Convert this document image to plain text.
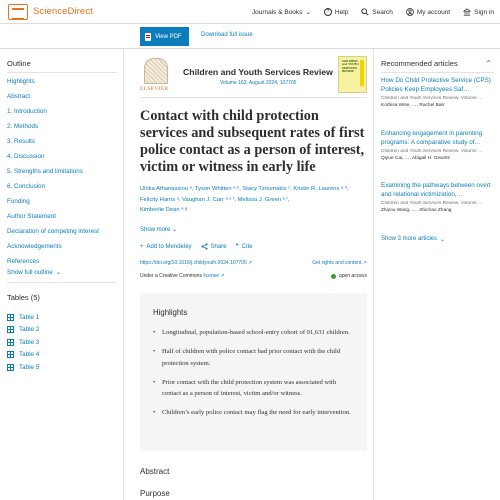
ScienceDirect	Journals & Books ⌄	? Help	Search	My account	Sign in
View PDF	Download full issue
Outline
Highlights
Abstract
1. Introduction
2. Methods
3. Results
4. Discussion
5. Strengths and limitations
6. Conclusion
Funding
Author Statement
Declaration of competing interest
Acknowledgements
References
Show full outline ⌄
Tables (5)
Table 1
Table 2
Table 3
Table 4
Table 5
ELSEVIER
Children and Youth Services Review
Volume 163, August 2024, 107705
CHILDREN and YOUTH SERVICES REVIEW
Contact with child protection services and subsequent rates of first police contact as a person of interest, victim or witness in early life
Ulrika Athanassiou ᵃ, Tyson Whitten ᵃ ᵇ, Stacy Tzoumakis ᶜ, Kristin R. Laurens ᵃ ᵈ,
Felicity Harris ᵃ, Vaughan J. Carr ᵃ ᵉ ᶠ, Melissa J. Green ᵃ ᶠ,
Kimberlie Dean ᵃ ᵍ
Show more ⌄
+ Add to Mendeley	Share ❞ Cite
https://doi.org/10.1016/j.childyouth.2024.107705 ↗	Get rights and content ↗
Under a Creative Commons license ↗	open access
Highlights
• Longitudinal, population-based school-entry cohort of 91,631 children.
• Half of children with police contact had prior contact with the child protection system.
• Prior contact with the child protection system was associated with contact as a person of interest, victim and/or witness.
• Children’s early police contact may flag the need for early intervention.
Abstract
Purpose
Recommended articles	⌃
How Do Child Protective Service (CPS) Policies Keep Employees Saf…
Children and Youth Services Review, Volume …
Korbisa Wise, …, Rachel Barr
Enhancing engagement in parenting programs: A comparative study of…
Children and Youth Services Review, Volume …
Qiyue Cai, …, Abigail H. Gewirtz
Examining the pathways between overt and relational victimization,…
Children and Youth Services Review, Volume …
Zhiyou Wang, …, Shichao Zhang
Show 3 more articles ⌄
